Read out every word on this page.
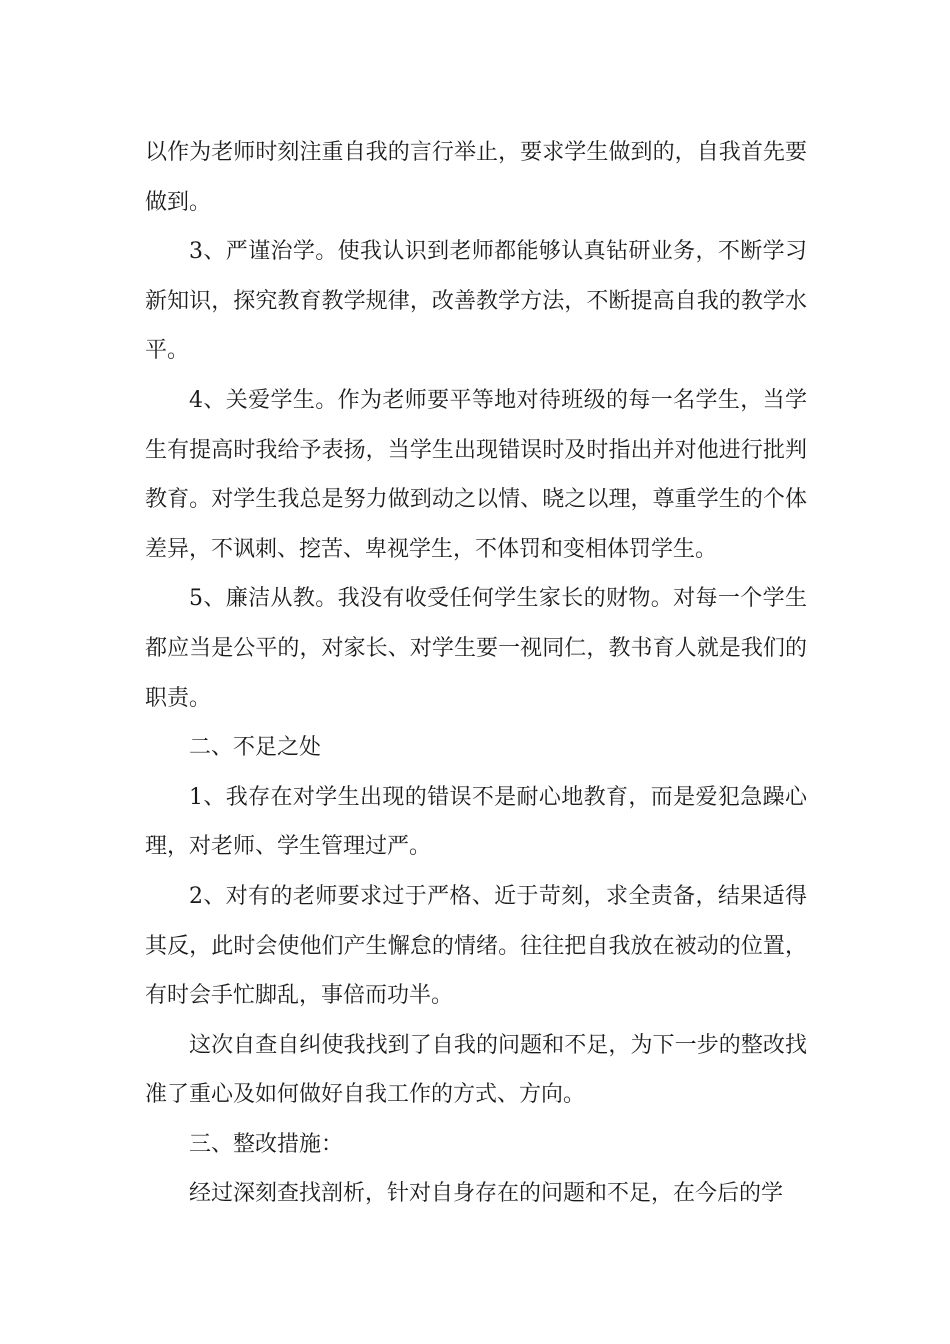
以作为老师时刻注重自我的言行举止，要求学生做到的，自我首先要做到。

3、严谨治学。使我认识到老师都能够认真钻研业务，不断学习新知识，探究教育教学规律，改善教学方法，不断提高自我的教学水平。

4、关爱学生。作为老师要平等地对待班级的每一名学生，当学生有提高时我给予表扬，当学生出现错误时及时指出并对他进行批判教育。对学生我总是努力做到动之以情、晓之以理，尊重学生的个体差异，不讽刺、挖苦、卑视学生，不体罚和变相体罚学生。

5、廉洁从教。我没有收受任何学生家长的财物。对每一个学生都应当是公平的，对家长、对学生要一视同仁，教书育人就是我们的职责。

二、不足之处

1、我存在对学生出现的错误不是耐心地教育，而是爱犯急躁心理，对老师、学生管理过严。

2、对有的老师要求过于严格、近于苛刻，求全责备，结果适得其反，此时会使他们产生懈怠的情绪。往往把自我放在被动的位置，有时会手忙脚乱，事倍而功半。

这次自查自纠使我找到了自我的问题和不足，为下一步的整改找准了重心及如何做好自我工作的方式、方向。

三、整改措施：

经过深刻查找剖析，针对自身存在的问题和不足，在今后的学
